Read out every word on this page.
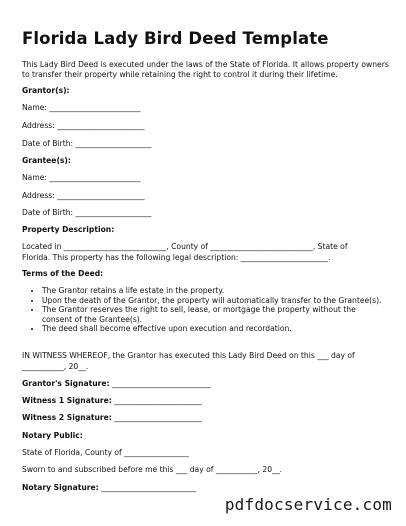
Florida Lady Bird Deed Template
This Lady Bird Deed is executed under the laws of the State of Florida. It allows property owners to transfer their property while retaining the right to control it during their lifetime.
Grantor(s):
Name: ________________________
Address: _______________________
Date of Birth: ____________________
Grantee(s):
Name: ________________________
Address: _______________________
Date of Birth: ____________________
Property Description:
Located in ___________________________, County of ___________________________, State of Florida. This property has the following legal description: _______________________.
Terms of the Deed:
• The Grantor retains a life estate in the property.
• Upon the death of the Grantor, the property will automatically transfer to the Grantee(s).
• The Grantor reserves the right to sell, lease, or mortgage the property without the consent of the Grantee(s).
• The deed shall become effective upon execution and recordation.
IN WITNESS WHEREOF, the Grantor has executed this Lady Bird Deed on this ___ day of ___________, 20__.
Grantor's Signature: __________________________
Witness 1 Signature: _______________________
Witness 2 Signature: _______________________
Notary Public:
State of Florida, County of _________________
Sworn to and subscribed before me this ___ day of ___________, 20__.
Notary Signature: _________________________
pdfdocservice.com
